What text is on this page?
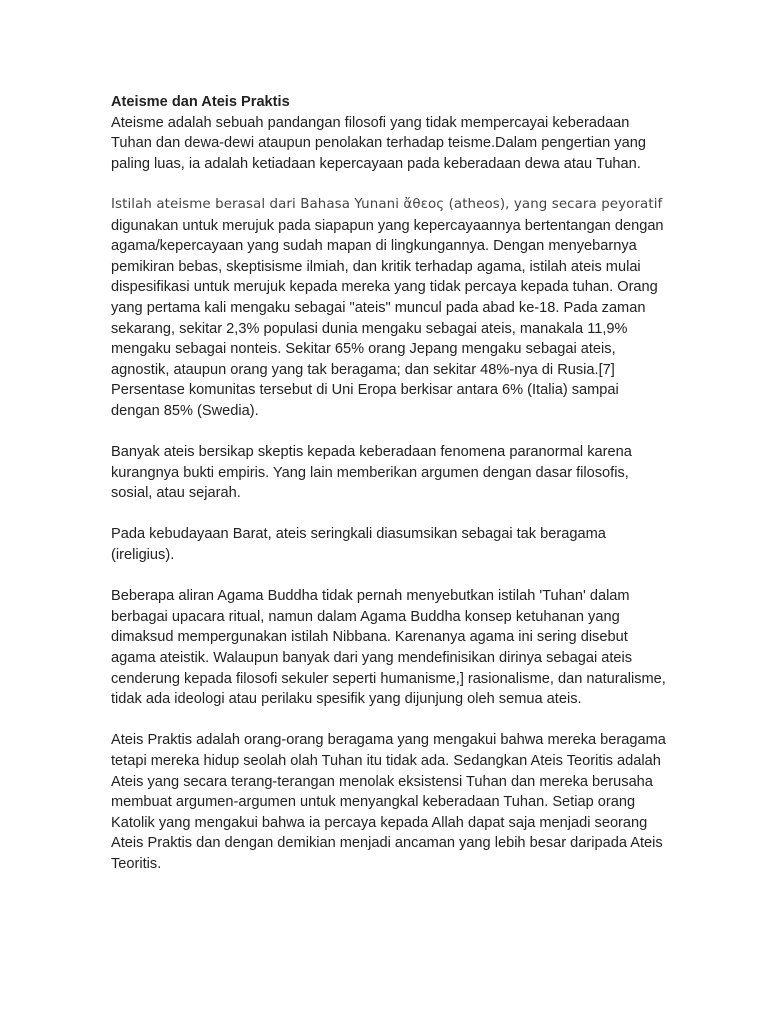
Ateisme dan Ateis Praktis

Ateisme adalah sebuah pandangan filosofi yang tidak mempercayai keberadaan Tuhan dan dewa-dewi ataupun penolakan terhadap teisme.Dalam pengertian yang paling luas, ia adalah ketiadaan kepercayaan pada keberadaan dewa atau Tuhan.

Istilah ateisme berasal dari Bahasa Yunani ἄθεος (atheos), yang secara peyoratif
digunakan untuk merujuk pada siapapun yang kepercayaannya bertentangan dengan agama/kepercayaan yang sudah mapan di lingkungannya. Dengan menyebarnya pemikiran bebas, skeptisisme ilmiah, dan kritik terhadap agama, istilah ateis mulai dispesifikasi untuk merujuk kepada mereka yang tidak percaya kepada tuhan. Orang yang pertama kali mengaku sebagai "ateis" muncul pada abad ke-18. Pada zaman sekarang, sekitar 2,3% populasi dunia mengaku sebagai ateis, manakala 11,9% mengaku sebagai nonteis. Sekitar 65% orang Jepang mengaku sebagai ateis, agnostik, ataupun orang yang tak beragama; dan sekitar 48%-nya di Rusia.[7] Persentase komunitas tersebut di Uni Eropa berkisar antara 6% (Italia) sampai dengan 85% (Swedia).

Banyak ateis bersikap skeptis kepada keberadaan fenomena paranormal karena kurangnya bukti empiris. Yang lain memberikan argumen dengan dasar filosofis, sosial, atau sejarah.

Pada kebudayaan Barat, ateis seringkali diasumsikan sebagai tak beragama (ireligius).

Beberapa aliran Agama Buddha tidak pernah menyebutkan istilah 'Tuhan' dalam berbagai upacara ritual, namun dalam Agama Buddha konsep ketuhanan yang dimaksud mempergunakan istilah Nibbana. Karenanya agama ini sering disebut agama ateistik. Walaupun banyak dari yang mendefinisikan dirinya sebagai ateis cenderung kepada filosofi sekuler seperti humanisme,] rasionalisme, dan naturalisme, tidak ada ideologi atau perilaku spesifik yang dijunjung oleh semua ateis.

Ateis Praktis adalah orang-orang beragama yang mengakui bahwa mereka beragama tetapi mereka hidup seolah olah Tuhan itu tidak ada. Sedangkan Ateis Teoritis adalah Ateis yang secara terang-terangan menolak eksistensi Tuhan dan mereka berusaha membuat argumen-argumen untuk menyangkal keberadaan Tuhan. Setiap orang Katolik yang mengakui bahwa ia percaya kepada Allah dapat saja menjadi seorang Ateis Praktis dan dengan demikian menjadi ancaman yang lebih besar daripada Ateis Teoritis.
